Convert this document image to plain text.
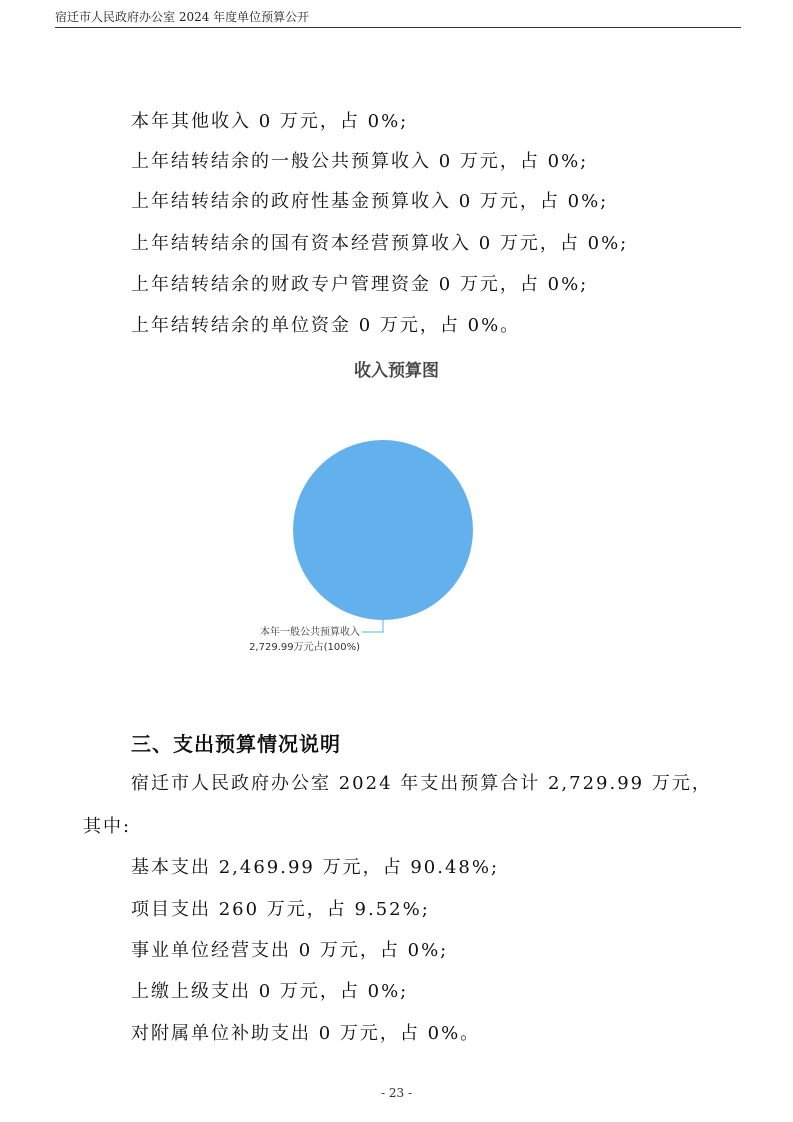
宿迁市人民政府办公室 2024 年度单位预算公开
本年其他收入 0 万元，占 0%;
上年结转结余的一般公共预算收入 0 万元，占 0%;
上年结转结余的政府性基金预算收入 0 万元，占 0%;
上年结转结余的国有资本经营预算收入 0 万元，占 0%;
上年结转结余的财政专户管理资金 0 万元，占 0%;
上年结转结余的单位资金 0 万元，占 0%。
收入预算图
本年一般公共预算收入
2,729.99万元占(100%)
三、支出预算情况说明
宿迁市人民政府办公室 2024 年支出预算合计 2,729.99 万元，
其中:
基本支出 2,469.99 万元，占 90.48%;
项目支出 260 万元，占 9.52%;
事业单位经营支出 0 万元，占 0%;
上缴上级支出 0 万元，占 0%;
对附属单位补助支出 0 万元，占 0%。
- 23 -
